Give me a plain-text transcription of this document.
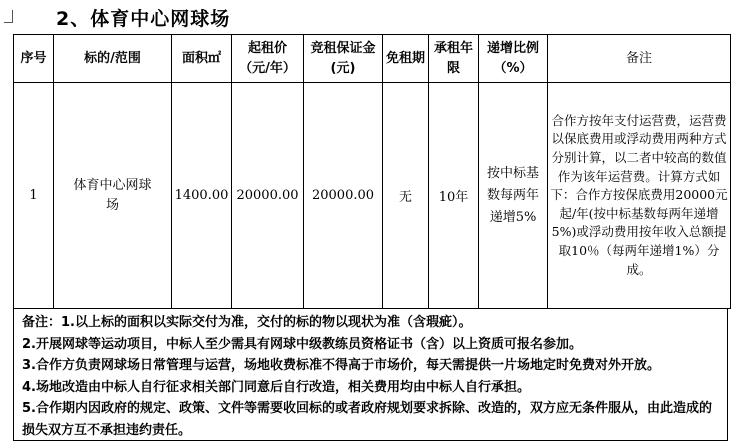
2、体育中心网球场
序号	标的/范围	面积㎡	起租价（元/年）	竞租保证金(元)	免租期	承租年限	递增比例（%）	备注
1	体育中心网球场	1400.00	20000.00	20000.00	无	10年	按中标基数每两年递增5%	合作方按年支付运营费，运营费以保底费用或浮动费用两种方式分别计算，以二者中较高的数值作为该年运营费。计算方式如下：合作方按保底费用20000元起/年(按中标基数每两年递增5%)或浮动费用按年收入总额提取10％（每两年递增1%）分成。
备注：1.以上标的面积以实际交付为准，交付的标的物以现状为准（含瑕疵）。
2.开展网球等运动项目，中标人至少需具有网球中级教练员资格证书（含）以上资质可报名参加。
3.合作方负责网球场日常管理与运营，场地收费标准不得高于市场价，每天需提供一片场地定时免费对外开放。
4.场地改造由中标人自行征求相关部门同意后自行改造，相关费用均由中标人自行承担。
5.合作期内因政府的规定、政策、文件等需要收回标的或者政府规划要求拆除、改造的，双方应无条件服从，由此造成的损失双方互不承担违约责任。
